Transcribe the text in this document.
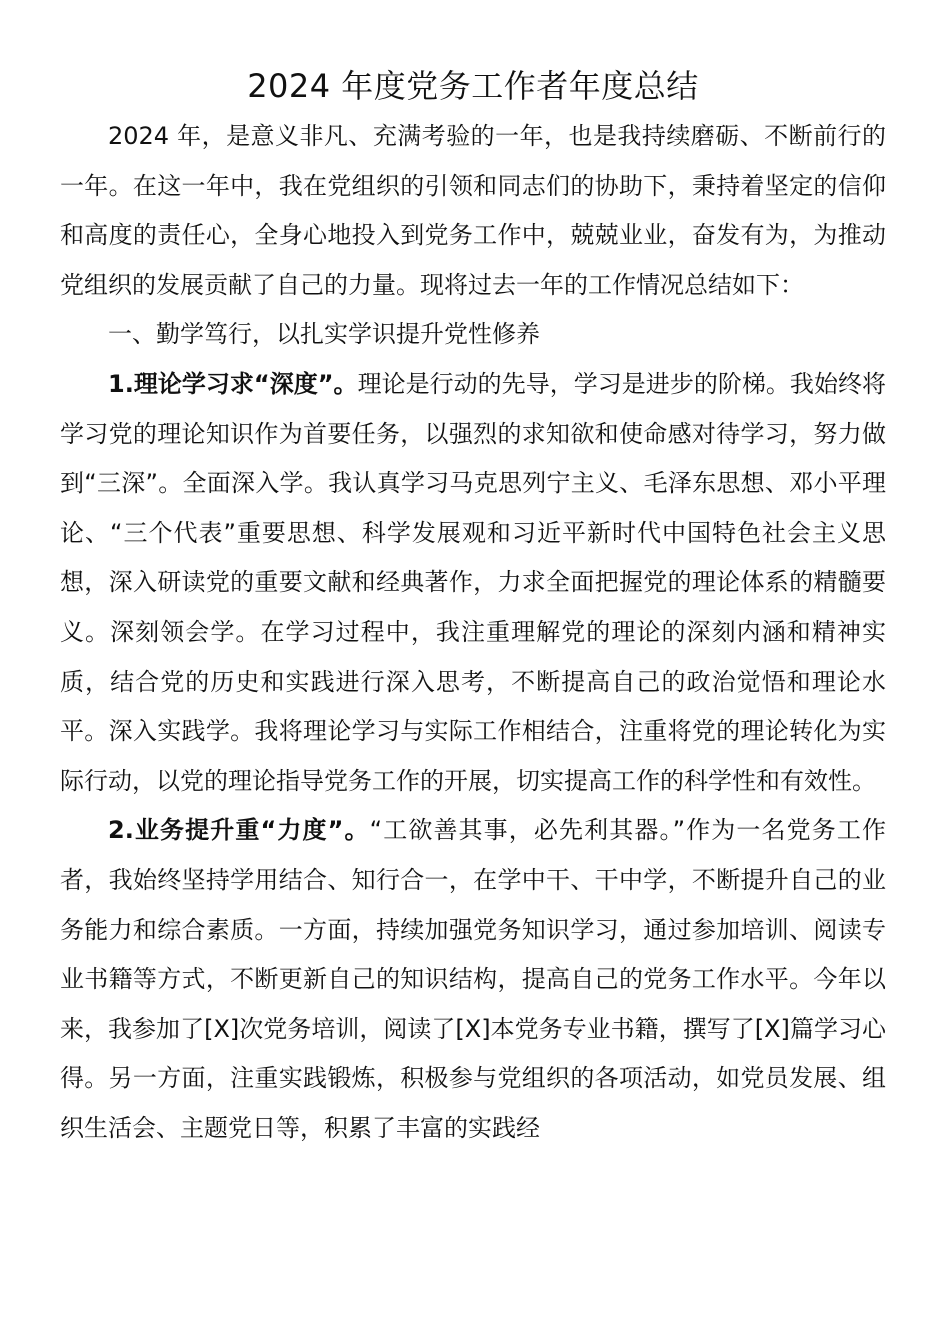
2024 年度党务工作者年度总结

2024 年，是意义非凡、充满考验的一年，也是我持续磨砺、不断前行的一年。在这一年中，我在党组织的引领和同志们的协助下，秉持着坚定的信仰和高度的责任心，全身心地投入到党务工作中，兢兢业业，奋发有为，为推动党组织的发展贡献了自己的力量。现将过去一年的工作情况总结如下：

一、勤学笃行，以扎实学识提升党性修养

1.理论学习求“深度”。理论是行动的先导，学习是进步的阶梯。我始终将学习党的理论知识作为首要任务，以强烈的求知欲和使命感对待学习，努力做到“三深”。全面深入学。我认真学习马克思列宁主义、毛泽东思想、邓小平理论、“三个代表”重要思想、科学发展观和习近平新时代中国特色社会主义思想，深入研读党的重要文献和经典著作，力求全面把握党的理论体系的精髓要义。深刻领会学。在学习过程中，我注重理解党的理论的深刻内涵和精神实质，结合党的历史和实践进行深入思考，不断提高自己的政治觉悟和理论水平。深入实践学。我将理论学习与实际工作相结合，注重将党的理论转化为实际行动，以党的理论指导党务工作的开展，切实提高工作的科学性和有效性。

2.业务提升重“力度”。“工欲善其事，必先利其器。”作为一名党务工作者，我始终坚持学用结合、知行合一，在学中干、干中学，不断提升自己的业务能力和综合素质。一方面，持续加强党务知识学习，通过参加培训、阅读专业书籍等方式，不断更新自己的知识结构，提高自己的党务工作水平。今年以来，我参加了[X]次党务培训，阅读了[X]本党务专业书籍，撰写了[X]篇学习心得。另一方面，注重实践锻炼，积极参与党组织的各项活动，如党员发展、组织生活会、主题党日等，积累了丰富的实践经
